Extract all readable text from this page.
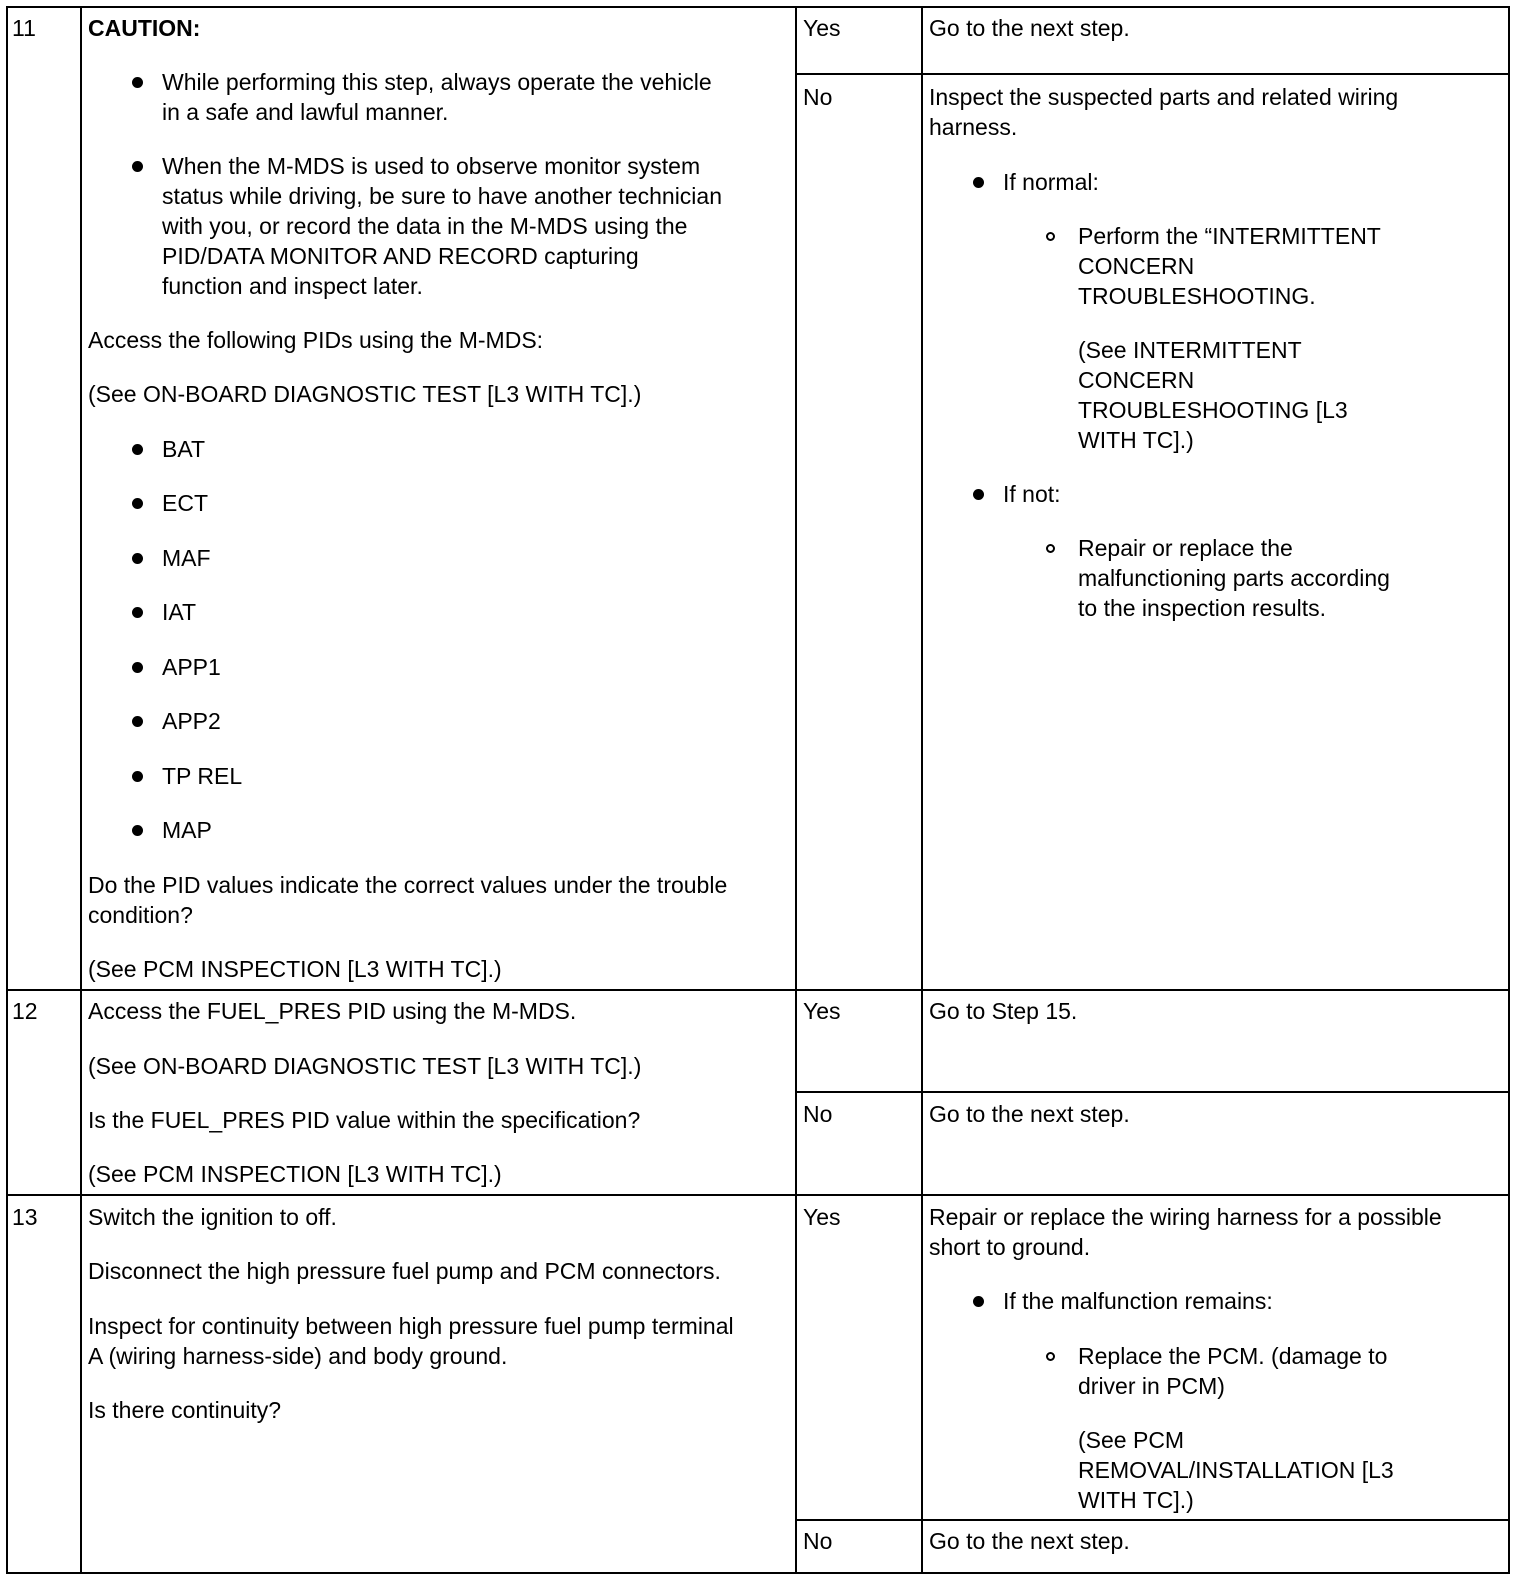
11 CAUTION:
While performing this step, always operate the vehicle
in a safe and lawful manner.
When the M-MDS is used to observe monitor system
status while driving, be sure to have another technician
with you, or record the data in the M-MDS using the
PID/DATA MONITOR AND RECORD capturing
function and inspect later.
Access the following PIDs using the M-MDS:
(See ON-BOARD DIAGNOSTIC TEST [L3 WITH TC].)
BAT
ECT
MAF
IAT
APP1
APP2
TP REL
MAP
Do the PID values indicate the correct values under the trouble
condition?
(See PCM INSPECTION [L3 WITH TC].)
Yes	Go to the next step.
No	Inspect the suspected parts and related wiring
harness.
If normal:
Perform the “INTERMITTENT
CONCERN
TROUBLESHOOTING.
(See INTERMITTENT
CONCERN
TROUBLESHOOTING [L3
WITH TC].)
If not:
Repair or replace the
malfunctioning parts according
to the inspection results.
12 Access the FUEL_PRES PID using the M-MDS.
(See ON-BOARD DIAGNOSTIC TEST [L3 WITH TC].)
Is the FUEL_PRES PID value within the specification?
(See PCM INSPECTION [L3 WITH TC].)
Yes	Go to Step 15.
No	Go to the next step.
13 Switch the ignition to off.
Disconnect the high pressure fuel pump and PCM connectors.
Inspect for continuity between high pressure fuel pump terminal
A (wiring harness-side) and body ground.
Is there continuity?
Yes	Repair or replace the wiring harness for a possible
short to ground.
If the malfunction remains:
Replace the PCM. (damage to
driver in PCM)
(See PCM
REMOVAL/INSTALLATION [L3
WITH TC].)
No	Go to the next step.
